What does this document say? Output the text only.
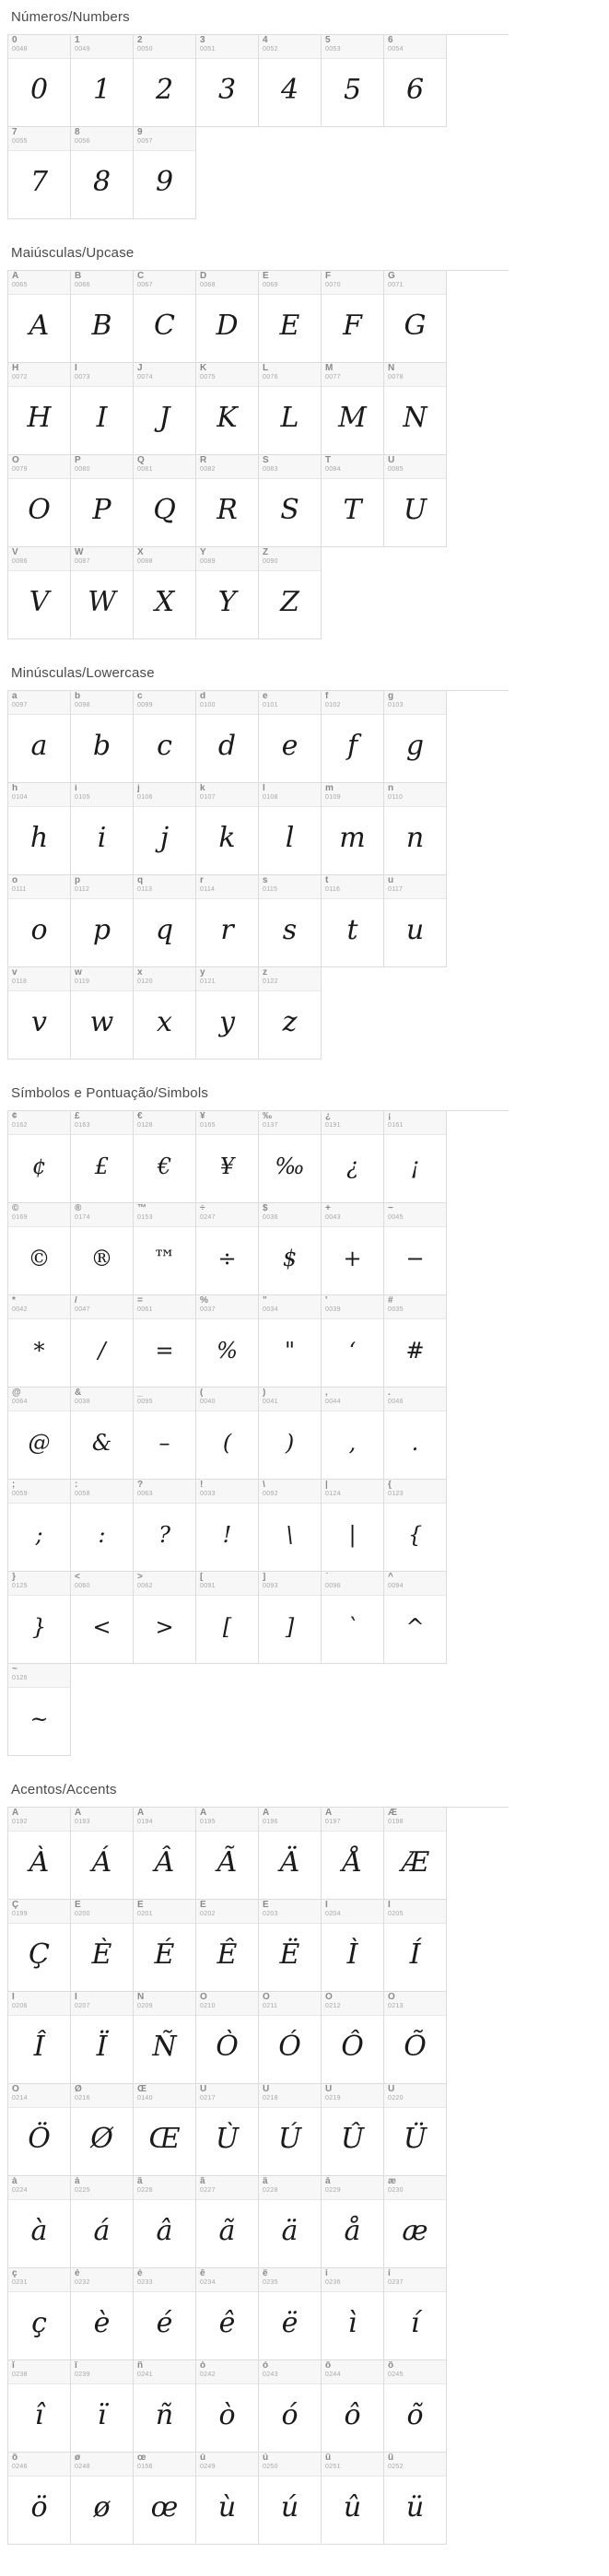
Números/Numbers
0
0048
0
1
0049
1
2
0050
2
3
0051
3
4
0052
4
5
0053
5
6
0054
6
7
0055
7
8
0056
8
9
0057
9
Maiúsculas/Upcase
A
0065
A
B
0066
B
C
0067
C
D
0068
D
E
0069
E
F
0070
F
G
0071
G
H
0072
H
I
0073
I
J
0074
J
K
0075
K
L
0076
L
M
0077
M
N
0078
N
O
0079
O
P
0080
P
Q
0081
Q
R
0082
R
S
0083
S
T
0084
T
U
0085
U
V
0086
V
W
0087
W
X
0088
X
Y
0089
Y
Z
0090
Z
Minúsculas/Lowercase
a
0097
a
b
0098
b
c
0099
c
d
0100
d
e
0101
e
f
0102
f
g
0103
g
h
0104
h
i
0105
i
j
0106
j
k
0107
k
l
0108
l
m
0109
m
n
0110
n
o
0111
o
p
0112
p
q
0113
q
r
0114
r
s
0115
s
t
0116
t
u
0117
u
v
0118
v
w
0119
w
x
0120
x
y
0121
y
z
0122
z
Símbolos e Pontuação/Simbols
¢
0162
¢
£
0163
£
€
0128
€
¥
0165
¥
‰
0137
‰
¿
0191
¿
¡
0161
¡
©
0169
©
®
0174
®
™
0153
™
÷
0247
÷
$
0036
$
+
0043
+
−
0045
−
*
0042
*
/
0047
/
=
0061
=
%
0037
%
"
0034
"
'
0039
‘
#
0035
#
@
0064
@
&
0038
&
_
0095
–
(
0040
(
)
0041
)
,
0044
,
.
0046
.
;
0059
;
:
0058
:
?
0063
?
!
0033
!
\
0092
\
|
0124
|
{
0123
{
}
0125
}
<
0060
<
>
0062
>
[
0091
[
]
0093
]
`
0096
`
^
0094
^
~
0126
~
Acentos/Accents
À
0192
À
Á
0193
Á
Â
0194
Â
Ã
0195
Ã
Ä
0196
Ä
Å
0197
Å
Æ
0198
Æ
Ç
0199
Ç
È
0200
È
É
0201
É
Ê
0202
Ê
Ë
0203
Ë
Ì
0204
Ì
Í
0205
Í
Î
0206
Î
Ï
0207
Ï
Ñ
0209
Ñ
Ò
0210
Ò
Ó
0211
Ó
Ô
0212
Ô
Õ
0213
Õ
Ö
0214
Ö
Ø
0216
Ø
Œ
0140
Œ
Ù
0217
Ù
Ú
0218
Ú
Û
0219
Û
Ü
0220
Ü
à
0224
à
á
0225
á
â
0226
â
ã
0227
ã
ä
0228
ä
å
0229
å
æ
0230
æ
ç
0231
ç
è
0232
è
é
0233
é
ê
0234
ê
ë
0235
ë
ì
0236
ì
í
0237
í
î
0238
î
ï
0239
ï
ñ
0241
ñ
ò
0242
ò
ó
0243
ó
ô
0244
ô
õ
0245
õ
ö
0246
ö
ø
0248
ø
œ
0156
œ
ù
0249
ù
ú
0250
ú
û
0251
û
ü
0252
ü
